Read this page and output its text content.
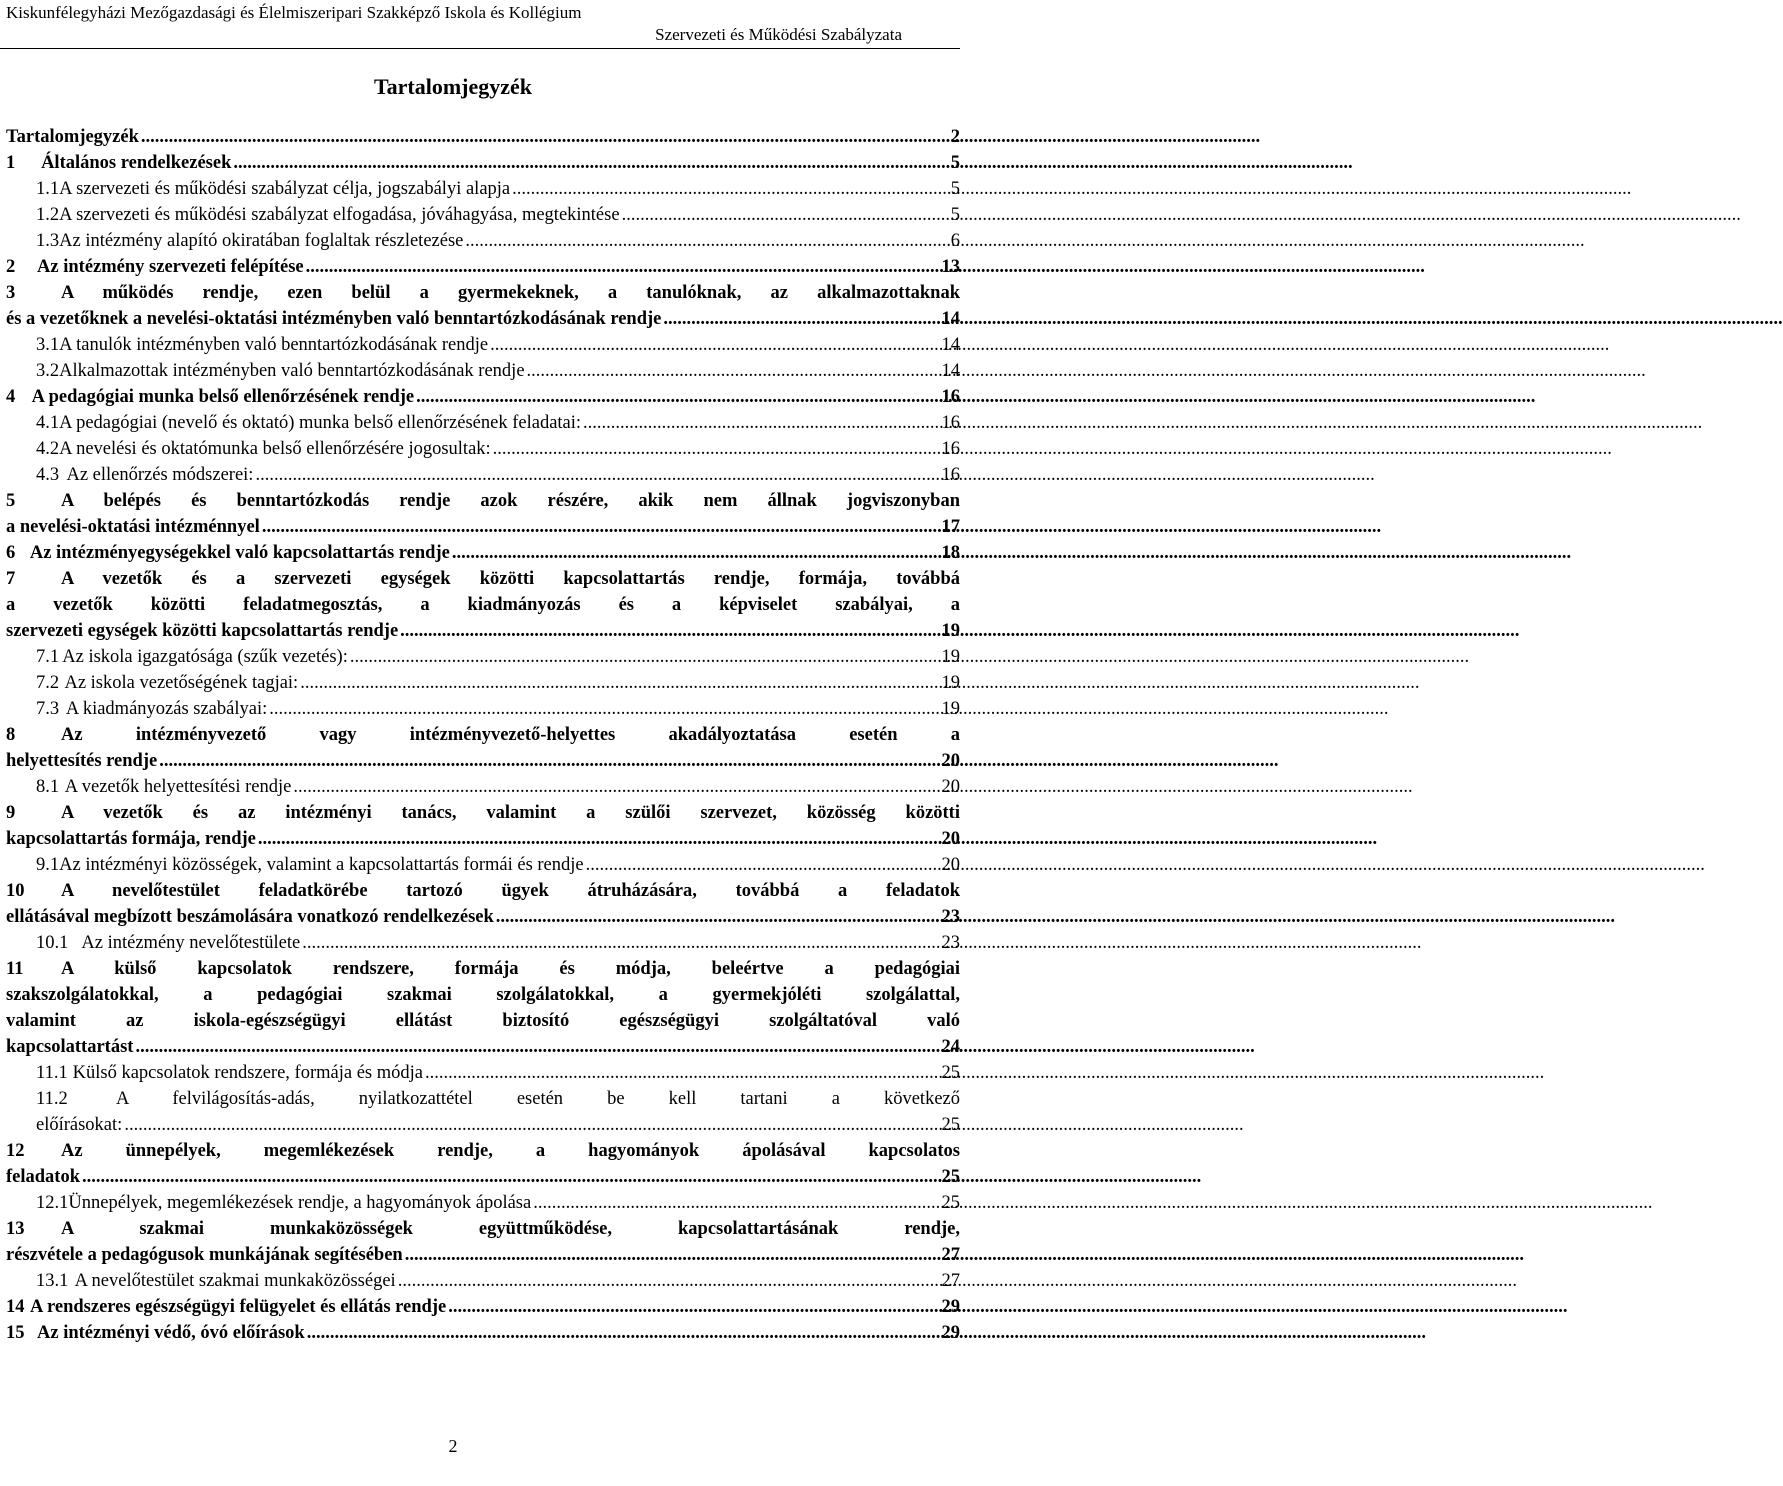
Kiskunfélegyházi Mezőgazdasági és Élelmiszeripari Szakképző Iskola és Kollégium
Szervezeti és Működési Szabályzata
Tartalomjegyzék
Tartalomjegyzék .....	2
1	Általános rendelkezések .....	5
1.1 A szervezeti és működési szabályzat célja, jogszabályi alapja .....	5
1.2 A szervezeti és működési szabályzat elfogadása, jóváhagyása, megtekintése .....	5
1.3 Az intézmény alapító okiratában foglaltak részletezése .....	6
2	Az intézmény szervezeti felépítése .....	13
3 A működés rendje, ezen belül a gyermekeknek, a tanulóknak, az alkalmazottaknak
és a vezetőknek a nevelési-oktatási intézményben való benntartózkodásának rendje .....	14
3.1 A tanulók intézményben való benntartózkodásának rendje .....	14
3.2 Alkalmazottak intézményben való benntartózkodásának rendje .....	14
4 A pedagógiai munka belső ellenőrzésének rendje .....	16
4.1 A pedagógiai (nevelő és oktató) munka belső ellenőrzésének feladatai: .....	16
4.2 A nevelési és oktatómunka belső ellenőrzésére jogosultak: .....	16
4.3 Az ellenőrzés módszerei: .....	16
5 A belépés és benntartózkodás rendje azok részére, akik nem állnak jogviszonyban
a nevelési-oktatási intézménnyel .....	17
6 Az intézményegységekkel való kapcsolattartás rendje .....	18
7 A vezetők és a szervezeti egységek közötti kapcsolattartás rendje, formája, továbbá
a vezetők közötti feladatmegosztás, a kiadmányozás és a képviselet szabályai, a
szervezeti egységek közötti kapcsolattartás rendje .....	19
7.1 Az iskola igazgatósága (szűk vezetés): .....	19
7.2 Az iskola vezetőségének tagjai: .....	19
7.3 A kiadmányozás szabályai: .....	19
8 Az intézményvezető vagy intézményvezető-helyettes akadályoztatása esetén a
helyettesítés rendje .....	20
8.1 A vezetők helyettesítési rendje .....	20
9 A vezetők és az intézményi tanács, valamint a szülői szervezet, közösség közötti
kapcsolattartás formája, rendje .....	20
9.1 Az intézményi közösségek, valamint a kapcsolattartás formái és rendje .....	20
10 A nevelőtestület feladatkörébe tartozó ügyek átruházására, továbbá a feladatok
ellátásával megbízott beszámolására vonatkozó rendelkezések .....	23
10.1 Az intézmény nevelőtestülete .....	23
11 A külső kapcsolatok rendszere, formája és módja, beleértve a pedagógiai
szakszolgálatokkal, a pedagógiai szakmai szolgálatokkal, a gyermekjóléti szolgálattal,
valamint az iskola-egészségügyi ellátást biztosító egészségügyi szolgáltatóval való
kapcsolattartást .....	24
11.1 Külső kapcsolatok rendszere, formája és módja .....	25
11.2	A felvilágosítás-adás, nyilatkozattétel esetén be kell tartani a következő
előírásokat: .....	25
12 Az ünnepélyek, megemlékezések rendje, a hagyományok ápolásával kapcsolatos
feladatok .....	25
12.1 Ünnepélyek, megemlékezések rendje, a hagyományok ápolása .....	25
13 A szakmai munkaközösségek együttműködése, kapcsolattartásának rendje,
részvétele a pedagógusok munkájának segítésében .....	27
13.1 A nevelőtestület szakmai munkaközösségei .....	27
14 A rendszeres egészségügyi felügyelet és ellátás rendje .....	29
15 Az intézményi védő, óvó előírások .....	29
2
